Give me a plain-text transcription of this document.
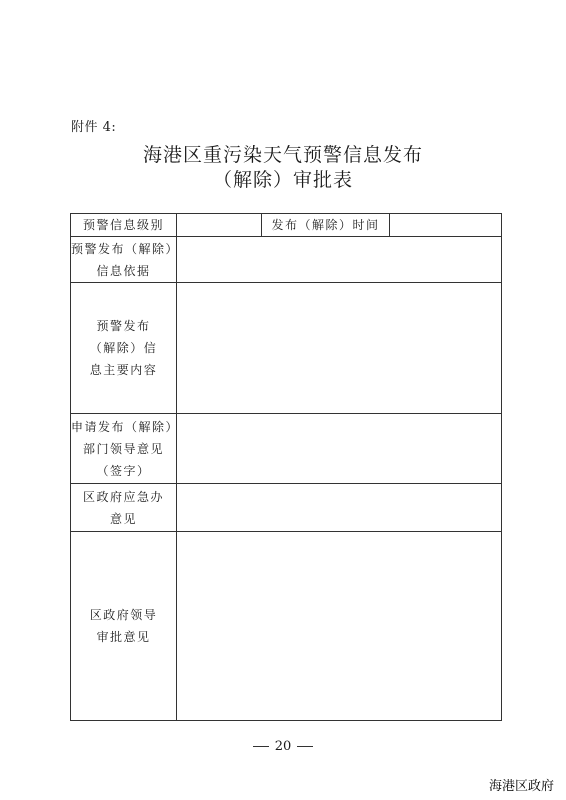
附件 4:
海港区重污染天气预警信息发布
（解除）审批表
预警信息级别		发布（解除）时间	

预警发布（解除）
信息依据			

预警发布
（解除）信
息主要内容			

申请发布（解除）
部门领导意见
（签字）			

区政府应急办
意见			

区政府领导
审批意见			

20
海港区政府
